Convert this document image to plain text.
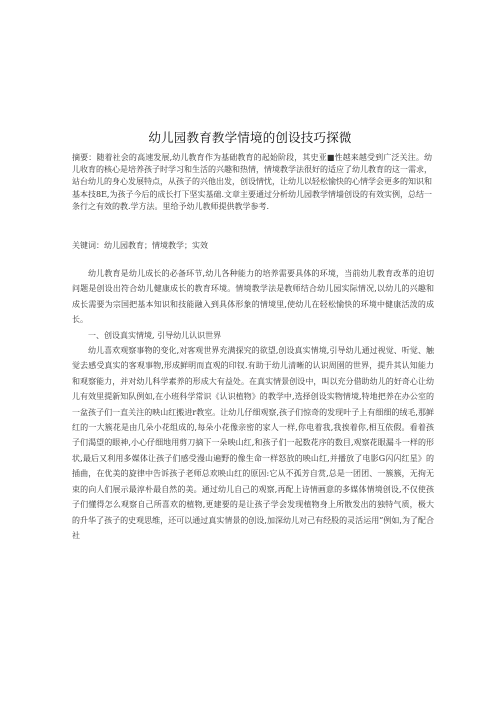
幼儿园教育教学情境的创设技巧探微
摘要：随着社会的高速发展,幼儿教育作为基础教育的起始阶段，其史亚■性越来越受到广泛关注。幼儿收育的核心是培养孩子时学习和生活的兴趣和热情，情境教学法很好的适应了幼儿教育的这一需求，站台幼儿的身心发展特点，从孩子的兴他出发，创设情忧，让幼儿以轻松愉快的心情学会更多的知识和基本技8E,为孩子今后的成长打下坚实基础.文章主要通过分析幼儿园教学情墙创设的有效实例，总结一条行之有效的教.学方法。里给予幼儿教师提供教学参考.
关键词：幼儿园教育；情境教学；实效

幼儿教育是幼儿成长的必备环节,幼儿各种能力的培养需要具体的环境，当前幼儿教育改革的迫切问题是创设出符合幼儿健康成长的教育环境。情境教学法是教师结合幼儿园实际情况,以幼儿的兴趣和成长需要为宗国把基本知识和技能融入到具体形象的情境里,使幼儿在轻松愉快的环境中健康活泼的成长。

一、创设真实情境, 引导幼儿认识世界

幼儿喜欢观察事物的变化,对客观世界充满探究的欲望,创设真实情境,引导幼儿通过视觉、听觉、触觉去感受真实的客观事物,形成鲜明而直观的印钗.有助于幼儿清晰的认识周圉的世界，提升其认知能力和观察能力，并对幼儿科学素养的形成大有益处。在真实情景创设中，叫以充分借助幼儿的好奇心让幼儿有效里提新知队例如,在小班科学常识《认识植物》的教学中,选择创设实物情境,特地把养在办公室的一盆孩子们一直关注的映山红搬进r教室。让幼儿仔细观察,孩子们惊奇的发现叶子上有细细的绒毛,那鲜红的一大簇花是由几朵小花组成的,每朵小花像亲密的家人一样,你电着我,我挨着你,相互依假。看着孩子们渴望的眼神,小心仔细地用剪刀摘下一朵映山红,和孩子们一起数花序的数目,观察花眼漏斗一样的形状,最后又利用多媒体让孩子们感受漫山遍野的像生命一样怒放的映山红,并播放了电影G闪闪红星》的插曲，在优美的旋律中告诉孩子老师总欢映山红的原因:它从不孤芳自赏,总是一团团、一簇簇，无拘无束的向人们展示最淳朴最自然的美。通过幼儿自己的观察,再配上诗情画意的多媒体情境创设,不仅使孩子们懂得怎么观察自己所喜欢的植物,更建要的是让孩子学会发现植物身上所散发出的独特气质，极大的升华了孩子的史观思维，还可以通过真实情景的创设,加深幼儿对己有经股的灵活运用”例如,为了配合社
